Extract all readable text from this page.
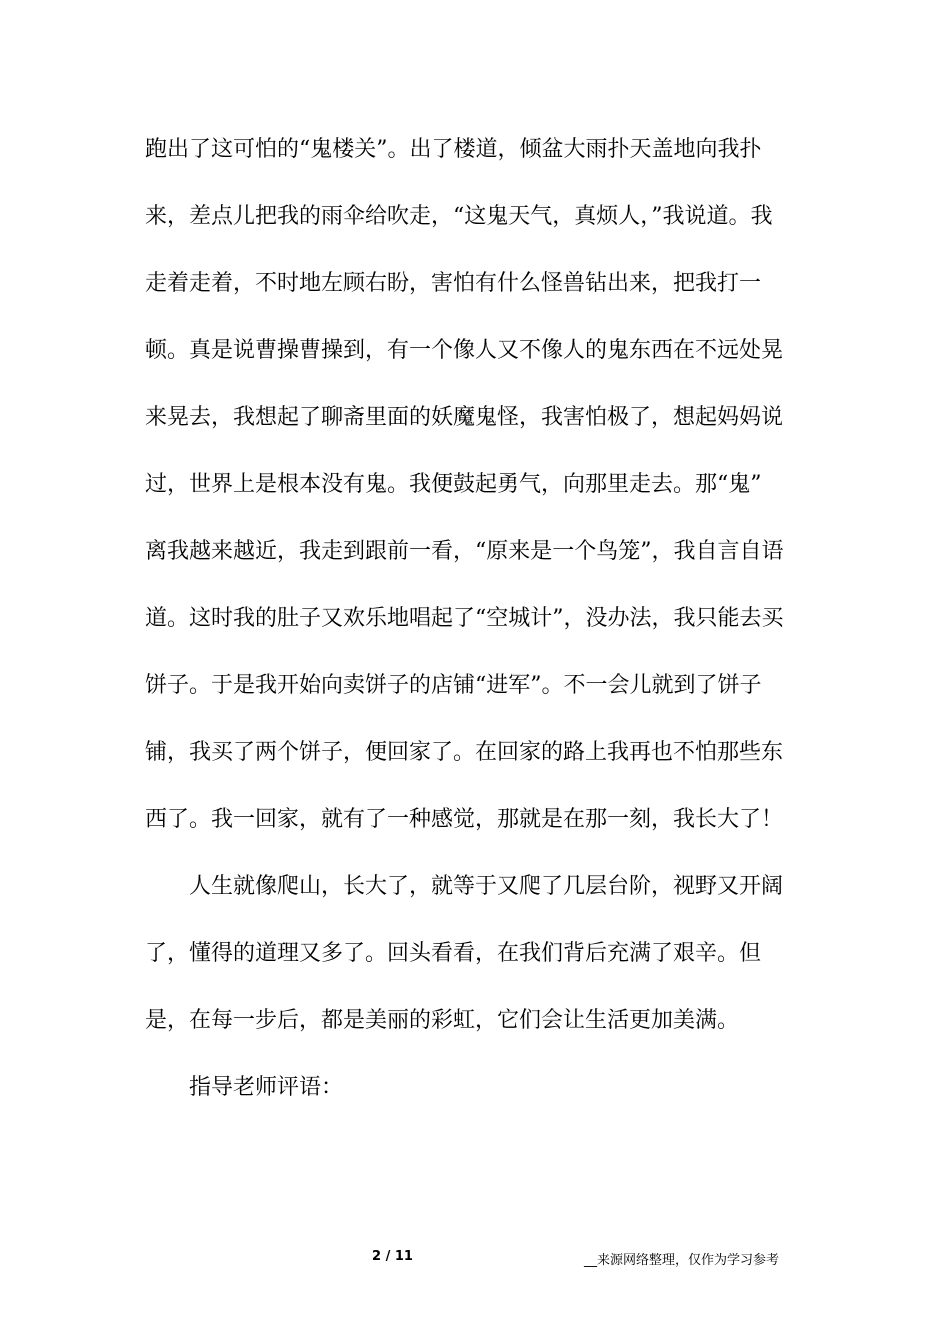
跑出了这可怕的“鬼楼关”。出了楼道，倾盆大雨扑天盖地向我扑
来，差点儿把我的雨伞给吹走，“这鬼天气，真烦人，”我说道。我
走着走着，不时地左顾右盼，害怕有什么怪兽钻出来，把我打一
顿。真是说曹操曹操到，有一个像人又不像人的鬼东西在不远处晃
来晃去，我想起了聊斋里面的妖魔鬼怪，我害怕极了，想起妈妈说
过，世界上是根本没有鬼。我便鼓起勇气，向那里走去。那“鬼”
离我越来越近，我走到跟前一看，“原来是一个鸟笼”，我自言自语
道。这时我的肚子又欢乐地唱起了“空城计”，没办法，我只能去买
饼子。于是我开始向卖饼子的店铺“进军”。不一会儿就到了饼子
铺，我买了两个饼子，便回家了。在回家的路上我再也不怕那些东
西了。我一回家，就有了一种感觉，那就是在那一刻，我长大了！
人生就像爬山，长大了，就等于又爬了几层台阶，视野又开阔
了，懂得的道理又多了。回头看看，在我们背后充满了艰辛。但
是，在每一步后，都是美丽的彩虹，它们会让生活更加美满。
指导老师评语：
2 / 11	__来源网络整理，仅作为学习参考
